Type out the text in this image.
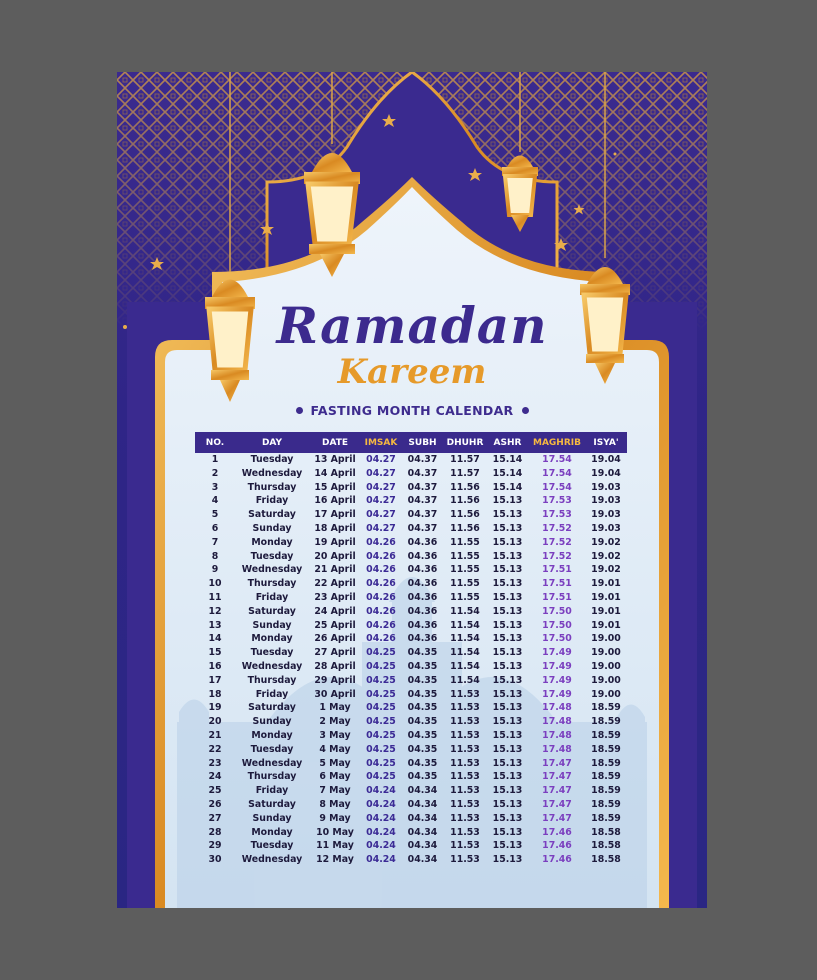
Ramadan
Kareem
FASTING MONTH CALENDAR
NO.	DAY	DATE	IMSAK	SUBH	DHUHR	ASHR	MAGHRIB	ISYA'
1	Tuesday	13 April	04.27	04.37	11.57	15.14	17.54	19.04
2	Wednesday	14 April	04.27	04.37	11.57	15.14	17.54	19.04
3	Thursday	15 April	04.27	04.37	11.56	15.14	17.54	19.03
4	Friday	16 April	04.27	04.37	11.56	15.13	17.53	19.03
5	Saturday	17 April	04.27	04.37	11.56	15.13	17.53	19.03
6	Sunday	18 April	04.27	04.37	11.56	15.13	17.52	19.03
7	Monday	19 April	04.26	04.36	11.55	15.13	17.52	19.02
8	Tuesday	20 April	04.26	04.36	11.55	15.13	17.52	19.02
9	Wednesday	21 April	04.26	04.36	11.55	15.13	17.51	19.02
10	Thursday	22 April	04.26	04.36	11.55	15.13	17.51	19.01
11	Friday	23 April	04.26	04.36	11.55	15.13	17.51	19.01
12	Saturday	24 April	04.26	04.36	11.54	15.13	17.50	19.01
13	Sunday	25 April	04.26	04.36	11.54	15.13	17.50	19.01
14	Monday	26 April	04.26	04.36	11.54	15.13	17.50	19.00
15	Tuesday	27 April	04.25	04.35	11.54	15.13	17.49	19.00
16	Wednesday	28 April	04.25	04.35	11.54	15.13	17.49	19.00
17	Thursday	29 April	04.25	04.35	11.54	15.13	17.49	19.00
18	Friday	30 April	04.25	04.35	11.53	15.13	17.49	19.00
19	Saturday	1 May	04.25	04.35	11.53	15.13	17.48	18.59
20	Sunday	2 May	04.25	04.35	11.53	15.13	17.48	18.59
21	Monday	3 May	04.25	04.35	11.53	15.13	17.48	18.59
22	Tuesday	4 May	04.25	04.35	11.53	15.13	17.48	18.59
23	Wednesday	5 May	04.25	04.35	11.53	15.13	17.47	18.59
24	Thursday	6 May	04.25	04.35	11.53	15.13	17.47	18.59
25	Friday	7 May	04.24	04.34	11.53	15.13	17.47	18.59
26	Saturday	8 May	04.24	04.34	11.53	15.13	17.47	18.59
27	Sunday	9 May	04.24	04.34	11.53	15.13	17.47	18.59
28	Monday	10 May	04.24	04.34	11.53	15.13	17.46	18.58
29	Tuesday	11 May	04.24	04.34	11.53	15.13	17.46	18.58
30	Wednesday	12 May	04.24	04.34	11.53	15.13	17.46	18.58
